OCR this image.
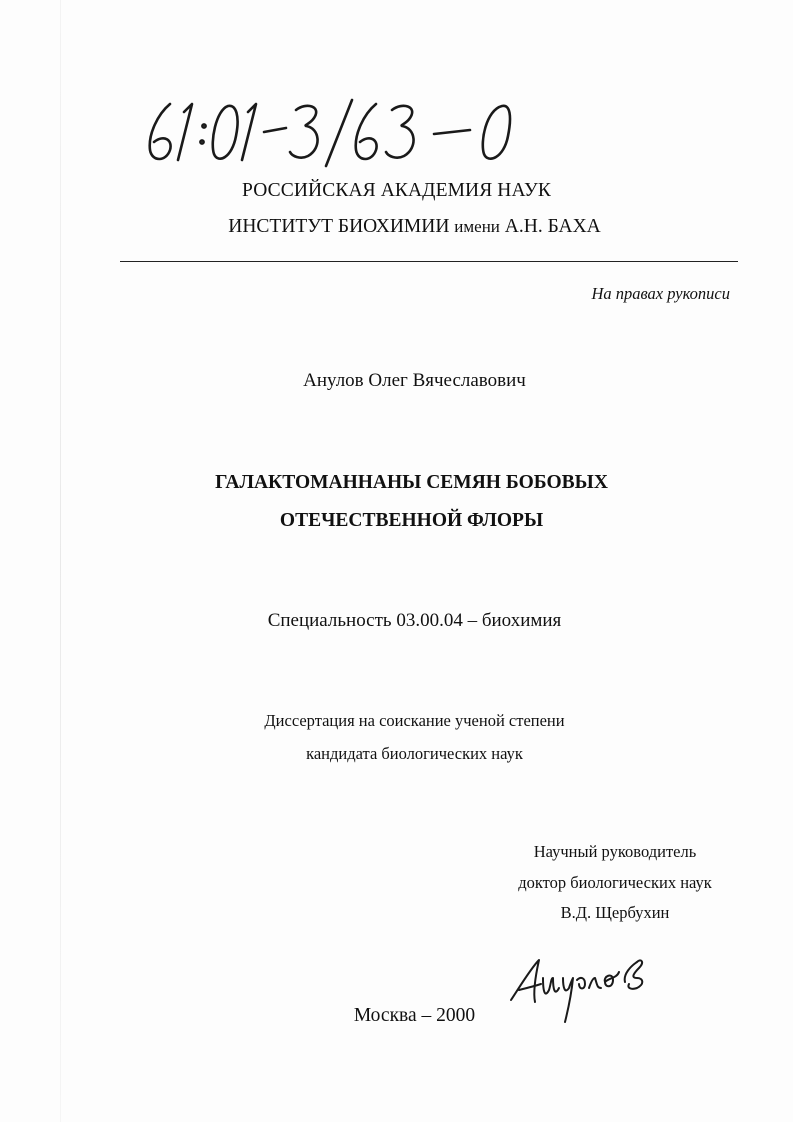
РОССИЙСКАЯ АКАДЕМИЯ НАУК
ИНСТИТУТ БИОХИМИИ имени А.Н. БАХА
На правах рукописи
Анулов Олег Вячеславович
ГАЛАКТОМАННАНЫ СЕМЯН БОБОВЫХ
ОТЕЧЕСТВЕННОЙ ФЛОРЫ
Специальность 03.00.04 – биохимия
Диссертация на соискание ученой степени
кандидата биологических наук
Научный руководитель
доктор биологических наук
В.Д. Щербухин
Москва – 2000
